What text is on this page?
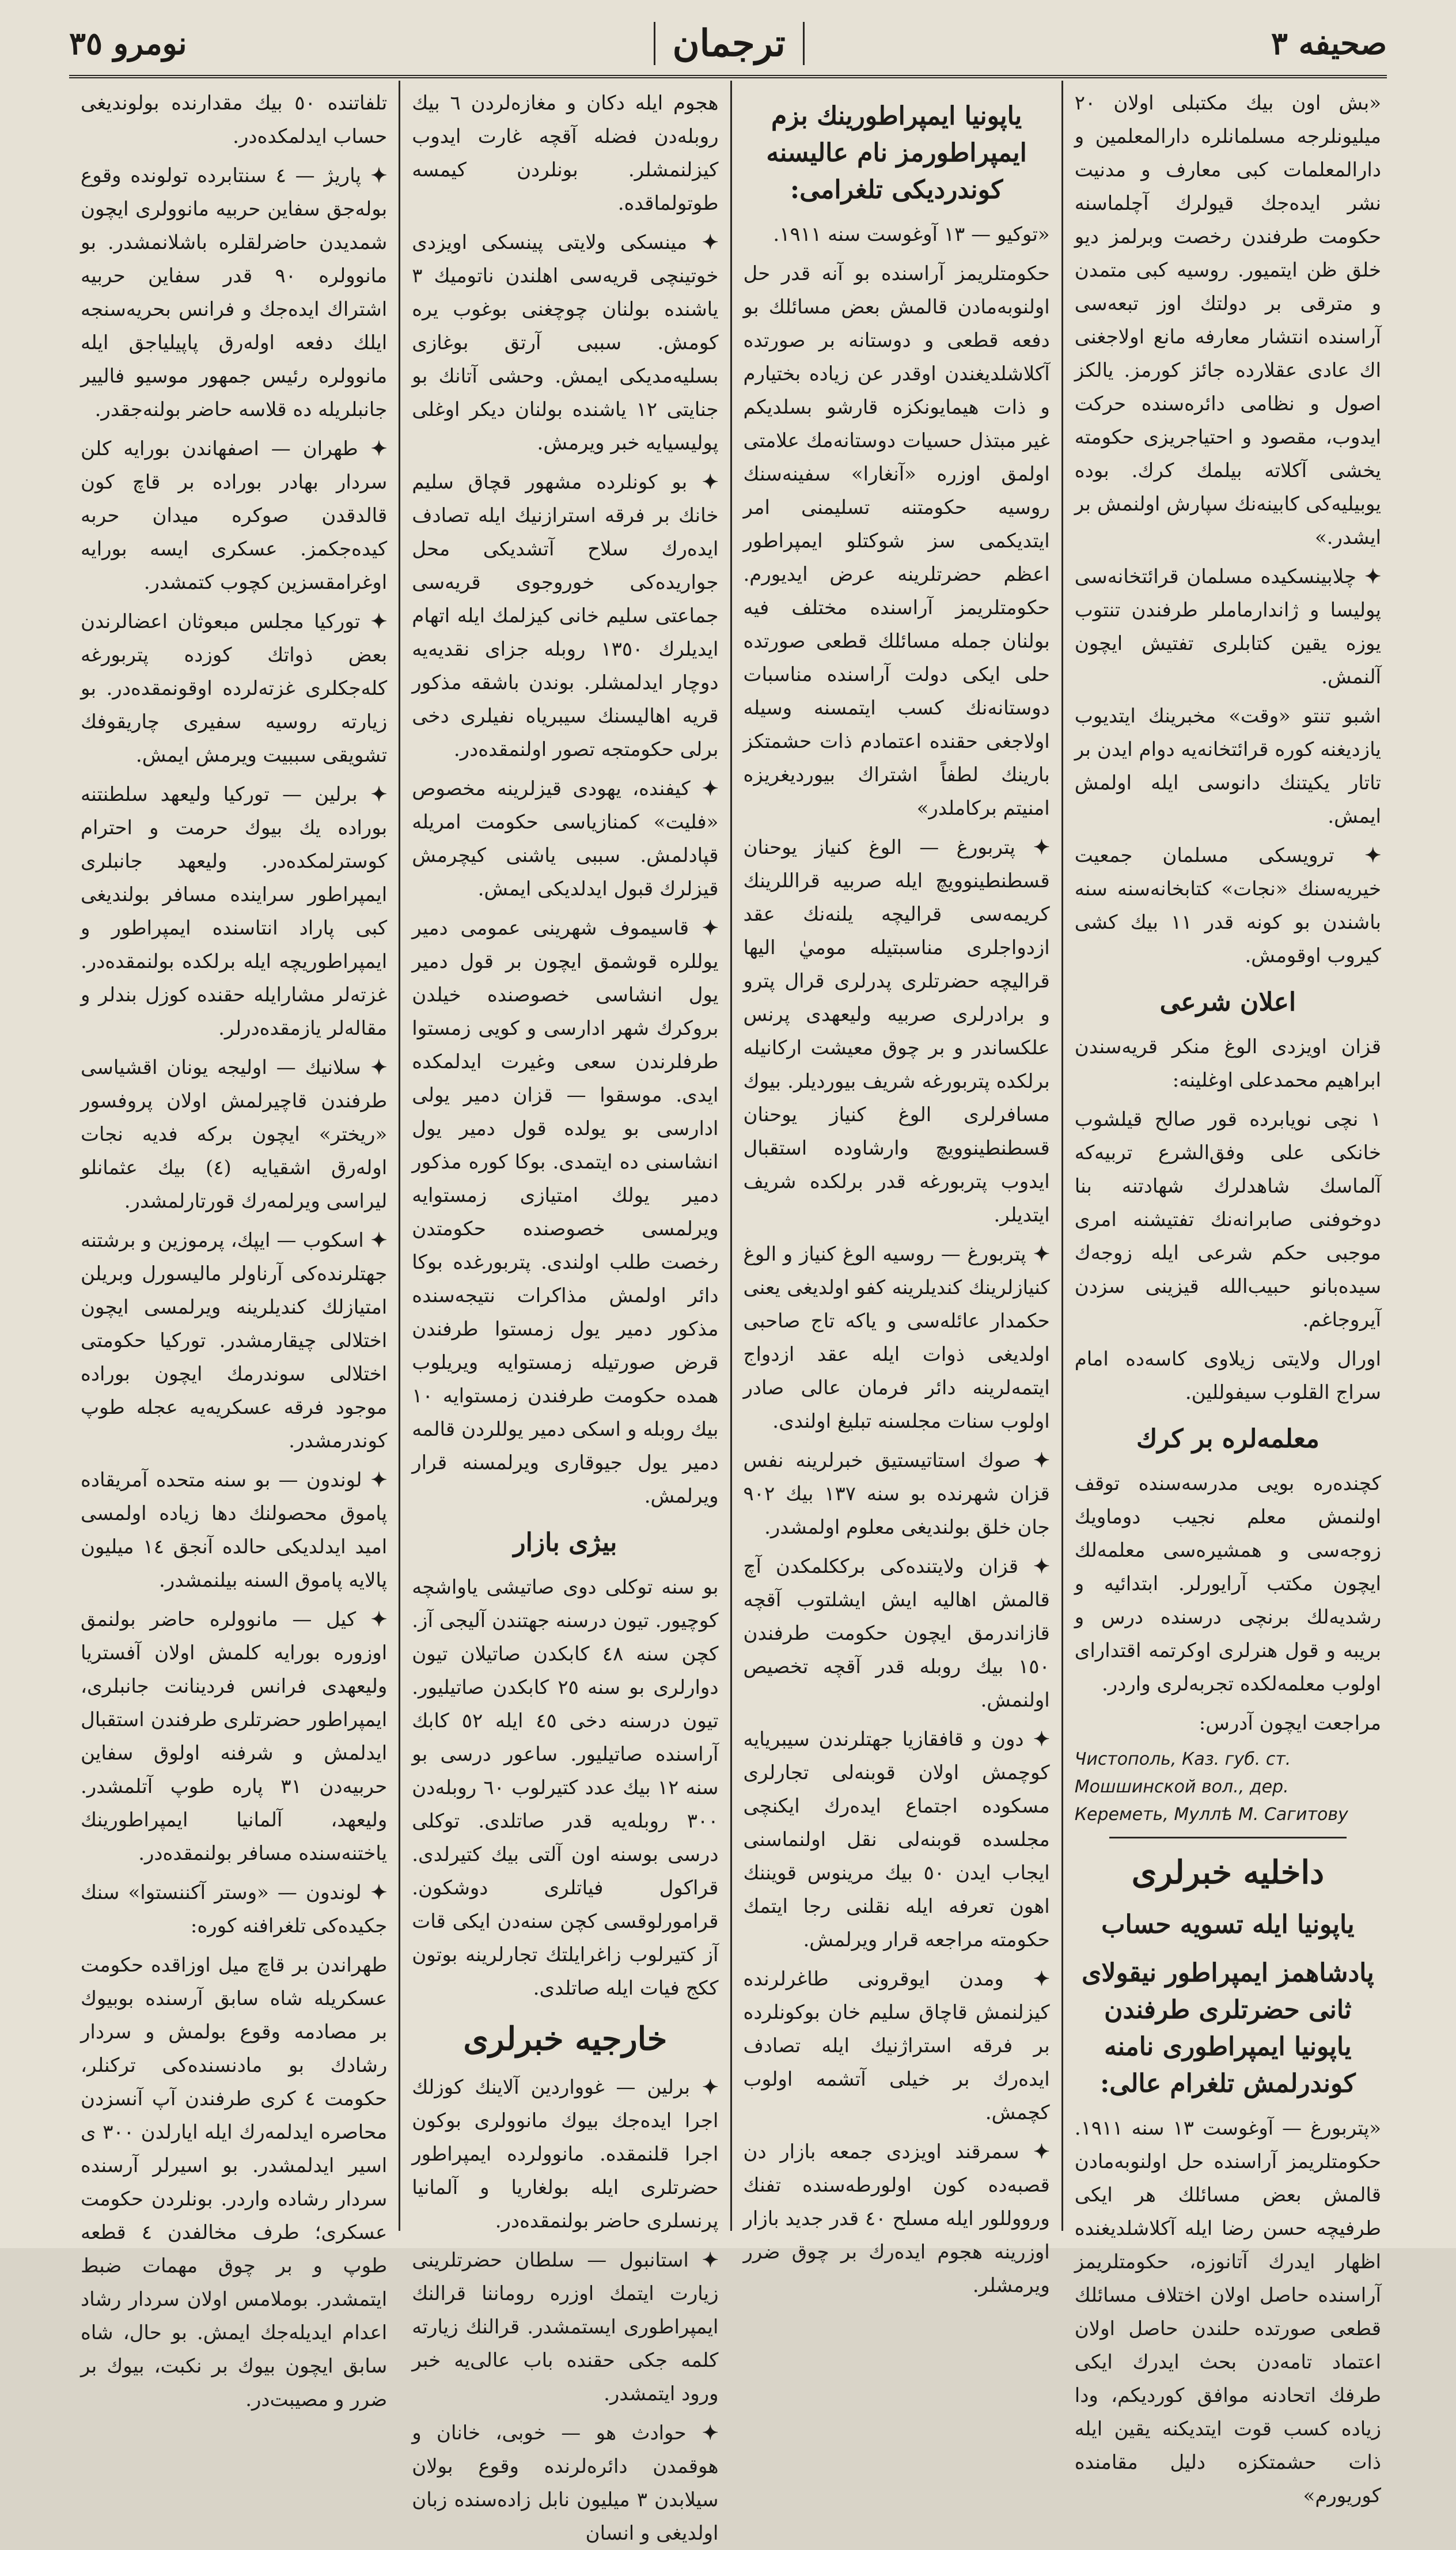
صحيفه ٣
ترجمان
نومرو ٣٥

«بش اون بيك مكتبلى اولان ٢٠ ميليونلرجه مسلمانلره دارالمعلمين و دارالمعلمات كبى معارف و مدنيت نشر ايده‌جك قيولرك آچلماسنه حكومت طرفندن رخصت وبرلمز ديو خلق ظن ايتميور. روسيه كبى متمدن و مترقى بر دولتك اوز تبعه‌سى آراسنده انتشار معارفه مانع اولاجغنى اك عادى عقلارده جائز كورمز. يالكز اصول و نظامى دائره‌سنده حركت ايدوب، مقصود و احتياجريزى حكومته يخشى آكلاته بيلمك كرك. بوده يوبيليه‌كى كابينه‌نك سپارش اولنمش بر ايشدر.»

✦ چلابينسكيده مسلمان قرائتخانه‌سى پوليسا و ژاندارماملر طرفندن تنتوب يوزه يقين كتابلرى تفتيش ايچون آلنمش.

اشبو تنتو «وقت» مخبرينك ايتديوب يازديغنه كوره قرائتخانه‌يه دوام ايدن بر تاتار يكيتنك دانوسى ايله اولمش ايمش.

✦ ترويسكى مسلمان جمعيت خيريه‌سنك «نجات» كتابخانه‌سنه سنه باشندن بو كونه قدر ١١ بيك كشى كيروب اوقومش.

اعلان شرعى

قزان اويزدى الوغ منكر قريه‌سندن ابراهيم محمدعلى اوغلينه:

١ نچى نويابرده قور صالح قيلشوب خانكى على وفق‌الشرع تربيه‌كه آلماسك شاهدلرك شهادتنه بنا دوخوفنى صابرانه‌نك تفتيشنه امرى موجبى حكم شرعى ايله زوجه‌ك سيده‌بانو حبيب‌الله قيزينى سزدن آيروجاغم.

اورال ولايتى زيلاوى كاسه‌ده امام سراج القلوب سيفوللين.

معلمه‌لره بر كرك

كچنده‌ره بويى مدرسه‌سنده توقف اولنمش معلم نجيب دوماويك زوجه‌سى و همشيره‌سى معلمه‌لك ايچون مكتب آرايورلر. ابتدائيه و رشديه‌لك برنچى درسنده درس و بريبه و قول هنرلرى اوكرتمه اقتداراى اولوب معلمه‌لكده تجربه‌لرى واردر.

مراجعت ايچون آدرس:

Чистополь, Каз. губ. ст. Мошшинской вол., дер. Кереметь, Муллѣ М. Сагитову

داخليه خبرلرى
ياپونيا ايله تسويه حساب
پادشاهمز ايمپراطور نيقولاى ثانى حضرتلرى طرفندن ياپونيا ايمپراطورى نامنه كوندرلمش تلغرام عالى:

«پتربورغ — آوغوست ١٣ سنه ١٩١١. حكومتلريمز آراسنده حل اولنوبه‌مادن قالمش بعض مسائلك هر ايكى طرفيچه حسن رضا ايله آكلاشلديغنده اظهار ايدرك آتانوزه، حكومتلريمز آراسنده حاصل اولان اختلاف مسائلك قطعى صورتده حلندن حاصل اولان اعتماد تامه‌دن بحث ايدرك ايكى طرفك اتحادنه موافق كورديكم، ودا زياده كسب قوت ايتديكنه يقين ايله ذات حشمتكزه دليل مقامنده كوريورم»

ياپونيا ايمپراطورينك بزم ايمپراطورمز نام عاليسنه كوندرديكى تلغرامى:

«توكيو — ١٣ آوغوست سنه ١٩١١.

حكومتلريمز آراسنده بو آنه قدر حل اولنوبه‌مادن قالمش بعض مسائلك بو دفعه قطعى و دوستانه بر صورتده آكلاشلديغندن اوقدر عن زياده بختيارم و ذات هيمايونكزه قارشو بسلديكم غير مبتذل حسيات دوستانه‌مك علامتى اولمق اوزره «آنغارا» سفينه‌سنك روسيه حكومتنه تسليمنى امر ايتديكمى سز شوكتلو ايمپراطور اعظم حضرتلرينه عرض ايديورم. حكومتلريمز آراسنده مختلف فيه بولنان جمله مسائلك قطعى صورتده حلى ايكى دولت آراسنده مناسبات دوستانه‌نك كسب ايتمسنه وسيله اولاجغى حقنده اعتمادم ذات حشمتكز بارينك لطفاً اشتراك بيورديغريزه امنيتم بركاملدر»

✦ پتربورغ — الوغ كنياز يوحنان قسطنطينوويچ ايله صربيه قراللرينك كريمه‌سى قراليچه يلنه‌نك عقد ازدواجلرى مناسبتيله موميٰ اليها قراليچه حضرتلرى پدرلرى قرال پترو و برادرلرى صربيه وليعهدى پرنس علكساندر و بر چوق معيشت ارکانيله برلكده پتربورغه شريف بيورديلر. بيوك مسافرلرى الوغ كنياز يوحنان قسطنطينوويچ وارشاوده استقبال ايدوب پتربورغه قدر برلكده شريف ايتديلر.

✦ پتربورغ — روسيه الوغ كنياز و الوغ كنيازلرينك كنديلرينه كفو اولديغى يعنى حكمدار عائله‌سى و ياكه تاج صاحبى اولديغى ذوات ايله عقد ازدواج ايتمه‌لرينه دائر فرمان عالى صادر اولوب سنات مجلسنه تبليغ اولندى.

✦ صوك استاتيستيق خبرلرينه نفس قزان شهرنده بو سنه ١٣٧ بيك ٩٠٢ جان خلق بولنديغى معلوم اولمشدر.

✦ قزان ولايتنده‌كى برككلمكدن آچ قالمش اهاليه ايش ايشلتوب آقچه قازاندرمق ايچون حكومت طرفندن ١٥٠ بيك روبله قدر آقچه تخصيص اولنمش.

✦ دون و قافقازيا جهتلرندن سيبريايه كوچمش اولان قوبنه‌لى تجارلرى مسكوده اجتماع ايده‌رك ايكنچى مجلسده قوبنه‌لى نقل اولنماسنى ايجاب ايدن ٥٠ بيك مرينوس قويننك اهون تعرفه ايله نقلنى رجا ايتمك حكومته مراجعه قرار ويرلمش.

✦ ومدن ايوقرونى طاغرلرنده كيزلنمش قاچاق سليم خان بوكونلرده بر فرقه استراژنيك ايله تصادف ايده‌رك بر خيلى آتشمه اولوب كچمش.

✦ سمرقند اويزدى جمعه بازار دن قصبه‌ده كون اولورطه‌سنده تفنك ور‌ووللور ايله مسلح ٤٠ قدر جديد بازار اوزرينه هجوم ايده‌رك بر چوق ضرر ويرمشلر.

هجوم ايله دكان و مغازه‌لردن ٦ بيك روبله‌دن فضله آقچه غارت ايدوب كيزلنمشلر. بونلردن كيمسه طوتولماقده.

✦ مينسكى ولايتى پينسكى اويزدى خوتينچى قريه‌سى اهلندن ناتوميك ٣ ياشنده بولنان چوچغنى بوغوب يره كومش. سببى آرتق بوغازى بسليه‌مديكى ايمش. وحشى آتانك بو جنايتى ١٢ ياشنده بولنان ديكر اوغلى پوليسيايه خبر ويرمش.

✦ بو كونلرده مشهور قچاق سليم خانك بر فرقه استرازنيك ايله تصادف ايده‌رك سلاح آتشديكى محل جواريده‌كى خوروجوى قريه‌سى جماعتى سليم خانى كيزلمك ايله اتهام ايديلرك ١٣٥٠ روبله جزاى نقديه‌يه دوچار ايدلمشلر. بوندن باشقه مذكور قريه اهاليسنك سيبرياه نفيلرى دخى برلى حكومتجه تصور اولنمقده‌در.

✦ كيفنده، يهودى قيزلرينه مخصوص «فليت» كمنازياسى حكومت امريله قپادلمش. سببى ياشنى كيچرمش قيزلرك قبول ايدلديكى ايمش.

✦ قاسيموف شهرينى عمومى دمير يوللره قوشمق ايچون بر قول دمير يول انشاسى خصوصنده خيلدن بروكرك شهر ادارسى و كويى زمستوا طرفلرندن سعى وغيرت ايدلمكده ايدى. موسقوا — قزان دمير يولى ادارسى بو يولده قول دمير يول انشاسنى ده ايتمدى. بوكا كوره مذكور دمير يولك امتيازى زمستوايه ويرلمسى خصوصنده حكومتدن رخصت طلب اولندى. پتربورغده بوكا دائر اولمش مذاكرات نتيجه‌سنده مذكور دمير يول زمستوا طرفندن قرض صورتيله زمستوايه ويريلوب همده حكومت طرفندن زمستوايه ١٠ بيك روبله و اسكى دمير يوللردن قالمه دمير يول جيوقارى ويرلمسنه قرار ويرلمش.

بيژى بازار

بو سنه توكلى دوى صاتيشى ياواشچه كوچيور. تيون درسنه جهتندن آليجى آز. كچن سنه ٤٨ كابكدن صاتيلان تيون دوارلرى بو سنه ٢٥ كابكدن صاتيليور. تيون درسنه دخى ٤٥ ايله ٥٢ كابك آراسنده صاتيليور. ساعور درسى بو سنه ١٢ بيك عدد كتيرلوب ٦٠ روبله‌دن ٣٠٠ روبله‌يه قدر صاتلدى. توكلى درسى بوسنه اون آلتى بيك كتيرلدى. قراكول فياتلرى دوشكون. قرامورلوقسى كچن سنه‌دن ايكى قات آز كتيرلوب زاغرايلتك تجارلرينه بوتون ككج فيات ايله صاتلدى.

خارجيه خبرلرى

✦ برلين — غوواردين آلاينك كوزلك اجرا ايده‌جك بيوك مانوولرى بوكون اجرا قلنمقده. مانوولرده ايمپراطور حضرتلرى ايله بولغاريا و آلمانيا پرنسلرى حاضر بولنمقده‌در.

✦ استانبول — سلطان حضرتلرينى زيارت ايتمك اوزره روماننا قرالنك ايمپراطورى ايستمشدر. قرالنك زيارته كلمه جكى حقنده باب عالى‌يه خبر ورود ايتمشدر.

✦ حوادث هو — خوبى، خانان و هوقمدن دائره‌لرنده وقوع بولان سيلابدن ٣ ميليون نابل زاده‌سنده زبان اولديغى و انسان

تلفاتنده ٥٠ بيك مقدارنده بولونديغى حساب ايدلمكده‌در.

✦ پاريژ — ٤ سنتابرده تولونده وقوع بوله‌جق سفاين حربيه مانوولرى ايچون شمديدن حاضرلقلره باشلانمشدر. بو مانوولره ٩٠ قدر سفاين حربيه اشتراك ايده‌جك و فرانس بحريه‌سنجه ايلك دفعه اوله‌رق پاپيلياجق ايله مانوولره رئيس جمهور موسيو فاليير جانبلريله ده قلاسه حاضر بولنه‌جقدر.

✦ طهران — اصفهاندن بورايه كلن سردار بهادر بوراده بر قاچ كون قالدقدن صوكره ميدان حربه كيده‌جكمز. عسكرى ايسه بورايه اوغرامقسزين كچوب كتمشدر.

✦ توركيا مجلس مبعوثان اعضالرندن بعض ذواتك كوزده پتربورغه كله‌جكلرى غزته‌لرده اوقونمقده‌در. بو زيارته روسيه سفيرى چاريقوفك تشويقى سببيت ويرمش ايمش.

✦ برلين — توركيا وليعهد سلطنتنه بوراده يك بيوك حرمت و احترام كوسترلمكده‌در. وليعهد جانبلرى ايمپراطور سراينده مسافر بولنديغى كبى پاراد انتاسنده ايمپراطور و ايمپراطوريچه ايله برلكده بولنمقده‌در. غزته‌لر مشارايله حقنده كوزل بندلر و مقاله‌لر يازمقده‌درلر.

✦ سلانيك — اوليجه يونان اقشياسى طرفندن قاچيرلمش اولان پروفسور «ريختر» ايچون بركه فديه نجات اوله‌رق اشقيايه (٤) بيك عثمانلو ليراسى ويرلمه‌رك قورتارلمشدر.

✦ اسكوب — ايپك، پرموزين و برشتنه جهتلرنده‌كى آرناولر ماليسورل وبريلن امتيازلك كنديلرينه ويرلمسى ايچون اختلالى چيقارمشدر. توركيا حكومتى اختلالى سوندرمك ايچون بوراده موجود فرقه عسكريه‌يه عجله طوپ كوندرمشدر.

✦ لوندون — بو سنه متحده آمريقاده پاموق محصولنك دها زياده اولمسى اميد ايدلديكى حالده آنجق ١٤ ميليون پالا‌يه پاموق السنه بيلنمشدر.

✦ كيل — مانوولره حاضر بولنمق اوزوره بورايه كلمش اولان آفستريا وليعهدى فرانس فردينانت جانبلرى، ايمپراطور حضرتلرى طرفندن استقبال ايدلمش و شرفنه اولوق سفاين حربيه‌دن ٣١ پاره طوپ آتلمشدر. وليعهد، آلمانيا ايمپراطورينك ياختنه‌سنده مسافر بولنمقده‌در.

✦ لوندون — «وستر آكننستوا» سنك جكيده‌كى تلغرافنه كوره:

طهراندن بر قاچ ميل اوزاقده حكومت عسكريله شاه سابق آرسنده بوبيوك بر مصادمه وقوع بولمش و سردار رشادك بو مادنسنده‌كى تركنلر، حكومت ٤ كرى طرفندن آپ آنسزدن محاصره ايدلمه‌رك ايله ايارلدن ٣٠٠ ى اسير ايدلمشدر. بو اسيرلر آرسنده سردار رشاده واردر. بونلردن حكومت عسكرى؛ طرف مخالفدن ٤ قطعه طوپ و بر چوق مهمات ضبط ايتمشدر. بوملامس اولان سردار رشاد اعدام ايديله‌جك ايمش. بو حال، شاه سابق ايچون بيوك بر نكبت، بيوك بر ضرر و مصيبت‌در.
